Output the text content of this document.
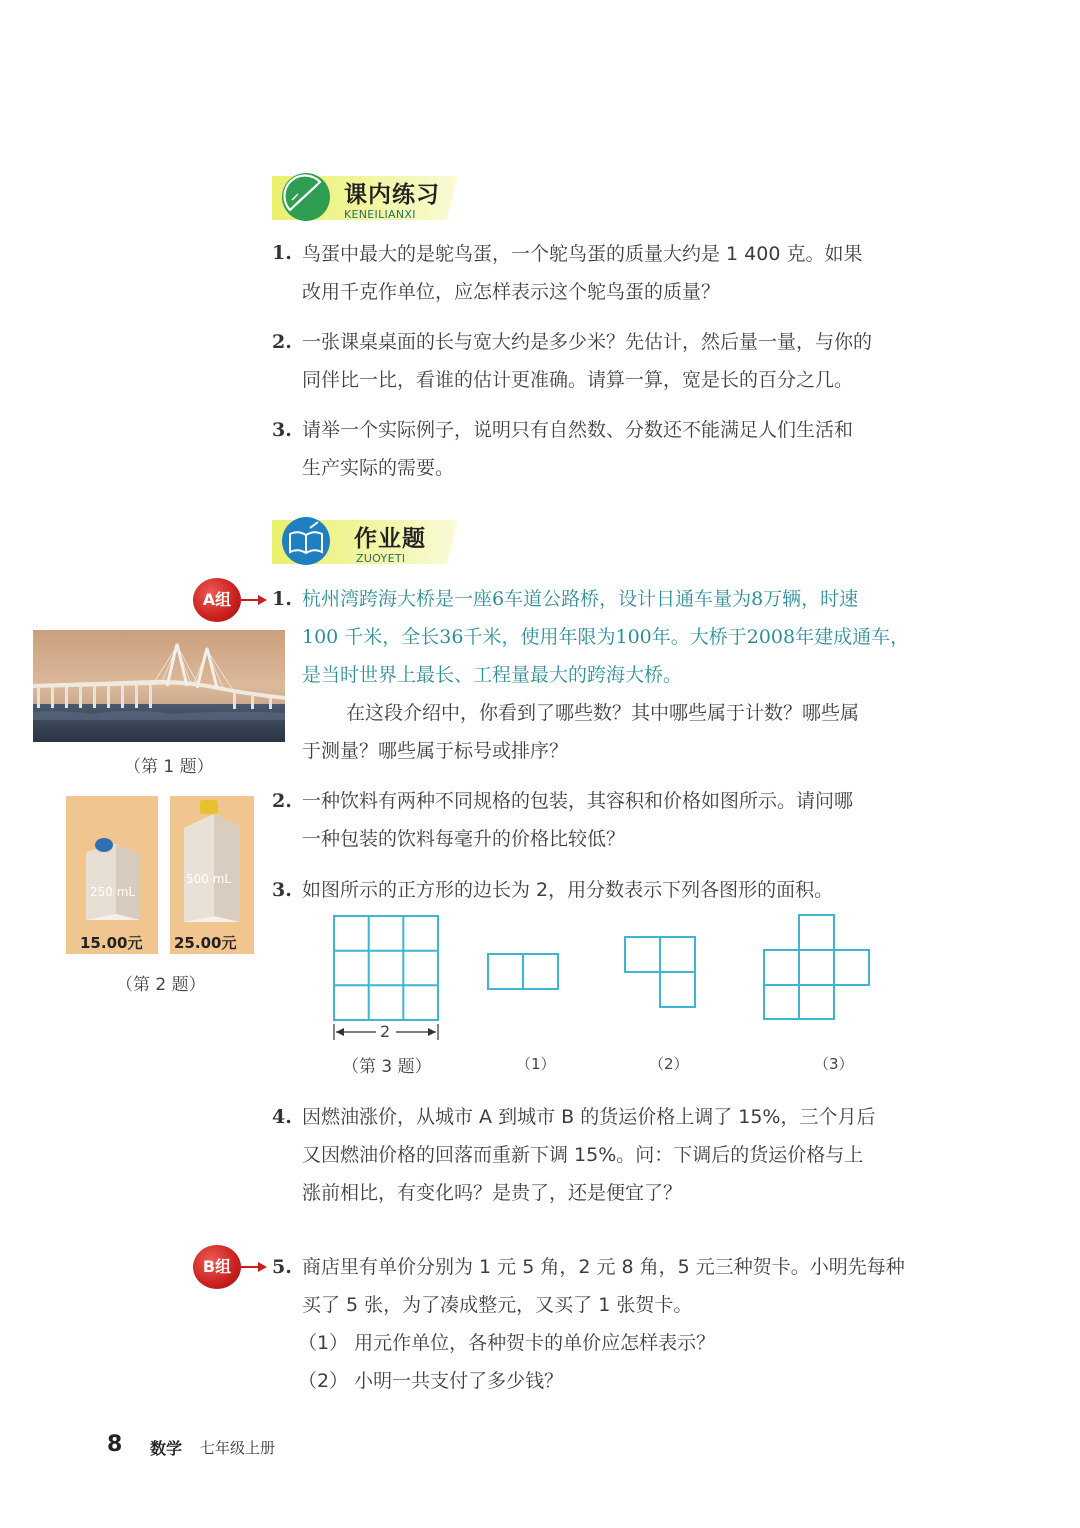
课内练习
KENEILIANXI
1. 鸟蛋中最大的是鸵鸟蛋，一个鸵鸟蛋的质量大约是 1 400 克。如果
改用千克作单位，应怎样表示这个鸵鸟蛋的质量？
2. 一张课桌桌面的长与宽大约是多少米？先估计，然后量一量，与你的
同伴比一比，看谁的估计更准确。请算一算，宽是长的百分之几。
3. 请举一个实际例子，说明只有自然数、分数还不能满足人们生活和
生产实际的需要。
作业题
ZUOYETI
A组	1. 杭州湾跨海大桥是一座6车道公路桥，设计日通车量为8万辆，时速
100 千米，全长36千米，使用年限为100年。大桥于2008年建成通车，
是当时世界上最长、工程量最大的跨海大桥。
在这段介绍中，你看到了哪些数？其中哪些属于计数？哪些属
于测量？哪些属于标号或排序？
（第 1 题）
2. 一种饮料有两种不同规格的包装，其容积和价格如图所示。请问哪
一种包装的饮料每毫升的价格比较低？
250 mL
15.00元
500 mL
25.00元
（第 2 题）
3. 如图所示的正方形的边长为 2，用分数表示下列各图形的面积。
2
（第 3 题）	（1）	（2）	（3）
4. 因燃油涨价，从城市 A 到城市 B 的货运价格上调了 15%，三个月后
又因燃油价格的回落而重新下调 15%。问：下调后的货运价格与上
涨前相比，有变化吗？是贵了，还是便宜了？
B组	5. 商店里有单价分别为 1 元 5 角，2 元 8 角，5 元三种贺卡。小明先每种
买了 5 张，为了凑成整元，又买了 1 张贺卡。
（1） 用元作单位，各种贺卡的单价应怎样表示？
（2） 小明一共支付了多少钱？
8 数学 七年级上册
